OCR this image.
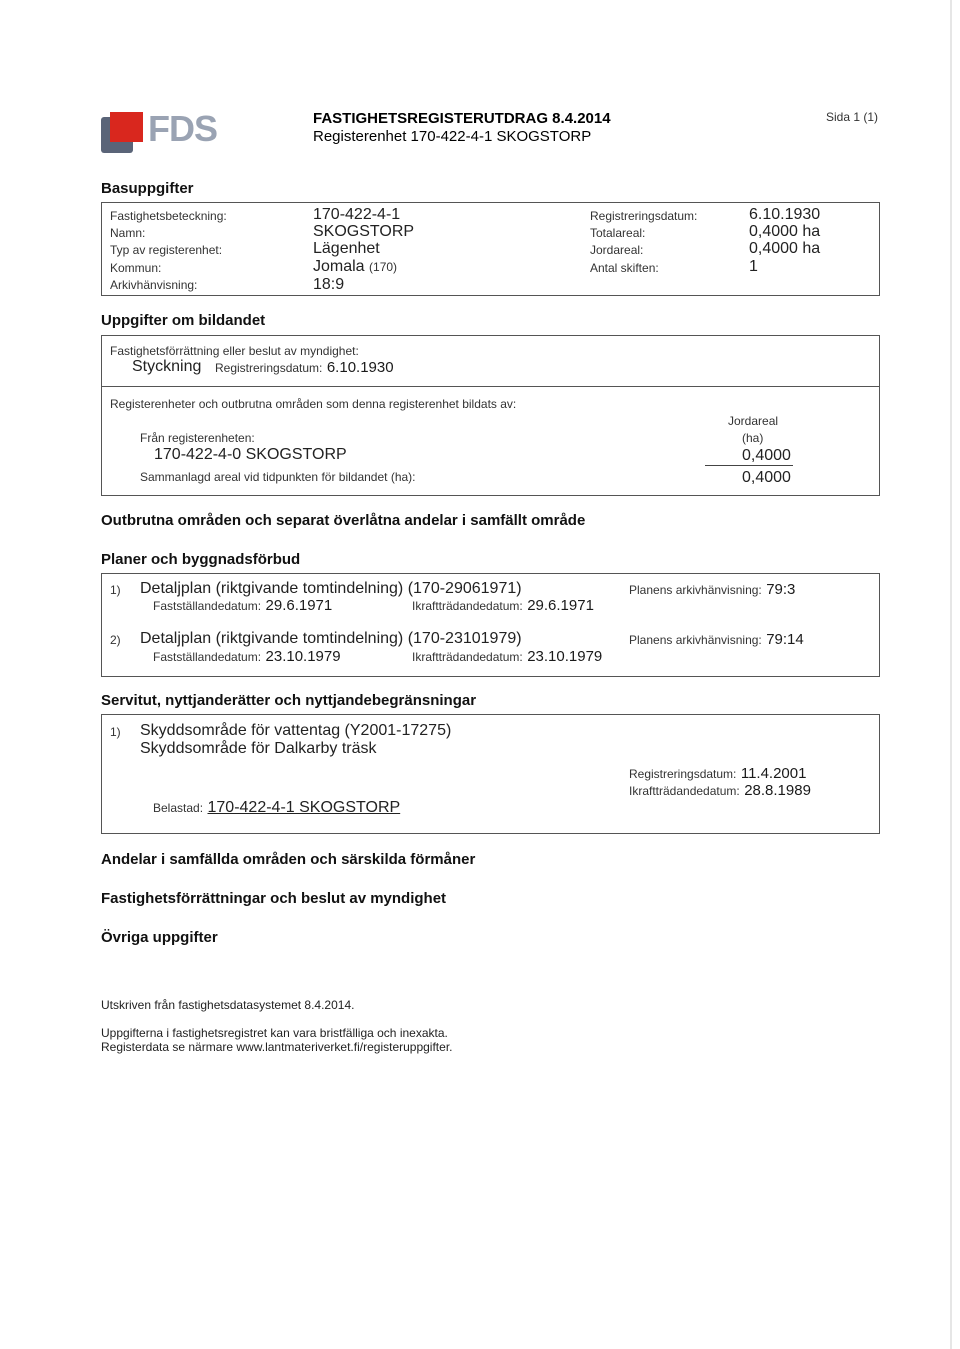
FDS	FASTIGHETSREGISTERUTDRAG 8.4.2014
Registerenhet 170-422-4-1 SKOGSTORP
Sida 1 (1)
Basuppgifter
Fastighetsbeteckning:	170-422-4-1
Namn:	SKOGSTORP
Typ av registerenhet:	Lägenhet
Kommun:	Jomala (170)
Arkivhänvisning:	18:9
Registreringsdatum:	6.10.1930
Totalareal:	0,4000 ha
Jordareal:	0,4000 ha
Antal skiften:	1
Uppgifter om bildandet
Fastighetsförrättning eller beslut av myndighet:
Styckning Registreringsdatum: 6.10.1930
Registerenheter och outbrutna områden som denna registerenhet bildats av:
Jordareal
(ha)
Från registerenheten:
170-422-4-0 SKOGSTORP	0,4000
Sammanlagd areal vid tidpunkten för bildandet (ha):	0,4000
Outbrutna områden och separat överlåtna andelar i samfällt område
Planer och byggnadsförbud
1) Detaljplan (riktgivande tomtindelning) (170-29061971)	Planens arkivhänvisning: 79:3
Fastställandedatum: 29.6.1971	Ikraftträdandedatum: 29.6.1971
2) Detaljplan (riktgivande tomtindelning) (170-23101979)	Planens arkivhänvisning: 79:14
Fastställandedatum: 23.10.1979	Ikraftträdandedatum: 23.10.1979
Servitut, nyttjanderätter och nyttjandebegränsningar
1) Skyddsområde för vattentag (Y2001-17275)
Skyddsområde för Dalkarby träsk
Registreringsdatum: 11.4.2001
Ikraftträdandedatum: 28.8.1989
Belastad: 170-422-4-1 SKOGSTORP
Andelar i samfällda områden och särskilda förmåner
Fastighetsförrättningar och beslut av myndighet
Övriga uppgifter
Utskriven från fastighetsdatasystemet 8.4.2014.
Uppgifterna i fastighetsregistret kan vara bristfälliga och inexakta.
Registerdata se närmare www.lantmateriverket.fi/registeruppgifter.
